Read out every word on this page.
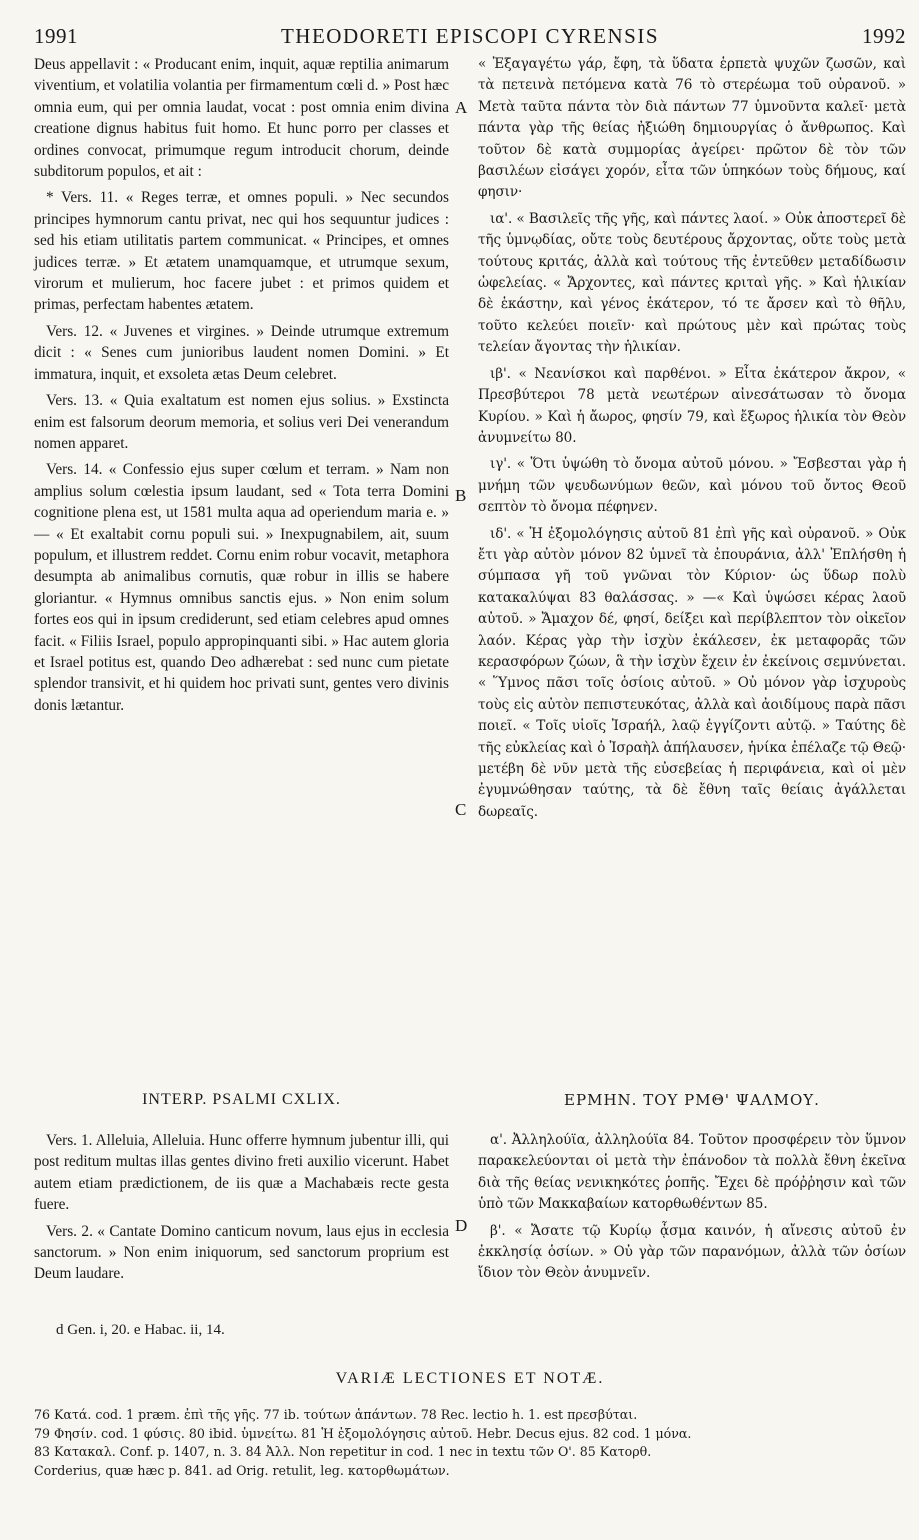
1991	THEODORETI EPISCOPI CYRENSIS	1992

Deus appellavit : « Producant enim, inquit, aquæ reptilia animarum viventium, et volatilia volantia per firmamentum cœli d. » Post hæc omnia eum, qui per omnia laudat, vocat : post omnia enim divina creatione dignus habitus fuit homo. Et hunc porro per classes et ordines convocat, primumque regum introducit chorum, deinde subditorum populos, et ait :

* Vers. 11. « Reges terræ, et omnes populi. » Nec secundos principes hymnorum cantu privat, nec qui hos sequuntur judices : sed his etiam utilitatis partem communicat. « Principes, et omnes judices terræ. » Et ætatem unamquamque, et utrumque sexum, virorum et mulierum, hoc facere jubet : et primos quidem et primas, perfectam habentes ætatem.

Vers. 12. « Juvenes et virgines. » Deinde utrumque extremum dicit : « Senes cum junioribus laudent nomen Domini. » Et immatura, inquit, et exsoleta ætas Deum celebret.

Vers. 13. « Quia exaltatum est nomen ejus solius. » Exstincta enim est falsorum deorum memoria, et solius veri Dei venerandum nomen apparet.

Vers. 14. « Confessio ejus super cœlum et terram. » Nam non amplius solum cœlestia ipsum laudant, sed « Tota terra Domini cognitione plena est, ut 1581 multa aqua ad operiendum maria e. » — « Et exaltabit cornu populi sui. » Inexpugnabilem, ait, suum populum, et illustrem reddet. Cornu enim robur vocavit, metaphora desumpta ab animalibus cornutis, quæ robur in illis se habere gloriantur. « Hymnus omnibus sanctis ejus. » Non enim solum fortes eos qui in ipsum crediderunt, sed etiam celebres apud omnes facit. « Filiis Israel, populo appropinquanti sibi. » Hac autem gloria et Israel potitus est, quando Deo adhærebat : sed nunc cum pietate splendor transivit, et hi quidem hoc privati sunt, gentes vero divinis donis lætantur.

A
B
C
D

« Ἐξαγαγέτω γάρ, ἔφη, τὰ ὕδατα ἑρπετὰ ψυχῶν ζωσῶν, καὶ τὰ πετεινὰ πετόμενα κατὰ 76 τὸ στερέωμα τοῦ οὐρανοῦ. » Μετὰ ταῦτα πάντα τὸν διὰ πάντων 77 ὑμνοῦντα καλεῖ· μετὰ πάντα γὰρ τῆς θείας ἠξιώθη δημιουργίας ὁ ἄνθρωπος. Καὶ τοῦτον δὲ κατὰ συμμορίας ἀγείρει· πρῶτον δὲ τὸν τῶν βασιλέων εἰσάγει χορόν, εἶτα τῶν ὑπηκόων τοὺς δήμους, καί φησιν·

ια'. « Βασιλεῖς τῆς γῆς, καὶ πάντες λαοί. » Οὐκ ἀποστερεῖ δὲ τῆς ὑμνῳδίας, οὔτε τοὺς δευτέρους ἄρχοντας, οὔτε τοὺς μετὰ τούτους κριτάς, ἀλλὰ καὶ τούτους τῆς ἐντεῦθεν μεταδίδωσιν ὠφελείας. « Ἄρχοντες, καὶ πάντες κριταὶ γῆς. » Καὶ ἡλικίαν δὲ ἑκάστην, καὶ γένος ἑκάτερον, τό τε ἄρσεν καὶ τὸ θῆλυ, τοῦτο κελεύει ποιεῖν· καὶ πρώτους μὲν καὶ πρώτας τοὺς τελείαν ἄγοντας τὴν ἡλικίαν.

ιβ'. « Νεανίσκοι καὶ παρθένοι. » Εἶτα ἑκάτερον ἄκρον, « Πρεσβύτεροι 78 μετὰ νεωτέρων αἰνεσάτωσαν τὸ ὄνομα Κυρίου. » Καὶ ἡ ἄωρος, φησίν 79, καὶ ἔξωρος ἡλικία τὸν Θεὸν ἀνυμνείτω 80.

ιγ'. « Ὅτι ὑψώθη τὸ ὄνομα αὐτοῦ μόνου. » Ἔσβεσται γὰρ ἡ μνήμη τῶν ψευδωνύμων θεῶν, καὶ μόνου τοῦ ὄντος Θεοῦ σεπτὸν τὸ ὄνομα πέφηνεν.

ιδ'. « Ἡ ἐξομολόγησις αὐτοῦ 81 ἐπὶ γῆς καὶ οὐρανοῦ. » Οὐκ ἔτι γὰρ αὐτὸν μόνον 82 ὑμνεῖ τὰ ἐπουράνια, ἀλλ' Ἐπλήσθη ἡ σύμπασα γῆ τοῦ γνῶναι τὸν Κύριον· ὡς ὕδωρ πολὺ κατακαλύψαι 83 θαλάσσας. » —« Καὶ ὑψώσει κέρας λαοῦ αὐτοῦ. » Ἄμαχον δέ, φησί, δείξει καὶ περίβλεπτον τὸν οἰκεῖον λαόν. Κέρας γὰρ τὴν ἰσχὺν ἐκάλεσεν, ἐκ μεταφορᾶς τῶν κερασφόρων ζώων, ἃ τὴν ἰσχὺν ἔχειν ἐν ἐκείνοις σεμνύνεται. « Ὕμνος πᾶσι τοῖς ὁσίοις αὐτοῦ. » Οὐ μόνον γὰρ ἰσχυροὺς τοὺς εἰς αὐτὸν πεπιστευκότας, ἀλλὰ καὶ ἀοιδίμους παρὰ πᾶσι ποιεῖ. « Τοῖς υἱοῖς Ἰσραήλ, λαῷ ἐγγίζοντι αὐτῷ. » Ταύτης δὲ τῆς εὐκλείας καὶ ὁ Ἰσραὴλ ἀπήλαυσεν, ἡνίκα ἐπέλαζε τῷ Θεῷ· μετέβη δὲ νῦν μετὰ τῆς εὐσεβείας ἡ περιφάνεια, καὶ οἱ μὲν ἐγυμνώθησαν ταύτης, τὰ δὲ ἔθνη ταῖς θείαις ἀγάλλεται δωρεαῖς.

INTERP. PSALMI CXLIX.	ΕΡΜΗΝ. ΤΟΥ ΡΜΘ' ΨΑΛΜΟΥ.

Vers. 1. Alleluia, Alleluia. Hunc offerre hymnum jubentur illi, qui post reditum multas illas gentes divino freti auxilio vicerunt. Habet autem etiam prædictionem, de iis quæ a Machabæis recte gesta fuere.

Vers. 2. « Cantate Domino canticum novum, laus ejus in ecclesia sanctorum. » Non enim iniquorum, sed sanctorum proprium est Deum laudare.

α'. Ἀλληλούϊα, ἀλληλούϊα 84. Τοῦτον προσφέρειν τὸν ὕμνον παρακελεύονται οἱ μετὰ τὴν ἐπάνοδον τὰ πολλὰ ἔθνη ἐκεῖνα διὰ τῆς θείας νενικηκότες ῥοπῆς. Ἔχει δὲ πρόῤῥησιν καὶ τῶν ὑπὸ τῶν Μακκαβαίων κατορθωθέντων 85.

β'. « Ἄσατε τῷ Κυρίῳ ᾆσμα καινόν, ἡ αἴνεσις αὐτοῦ ἐν ἐκκλησίᾳ ὁσίων. » Οὐ γὰρ τῶν παρανόμων, ἀλλὰ τῶν ὁσίων ἴδιον τὸν Θεὸν ἀνυμνεῖν.

d Gen. i, 20. e Habac. ii, 14.
VARIÆ LECTIONES ET NOTÆ.

76 Κατά. cod. 1 præm. ἐπὶ τῆς γῆς. 77 ib. τούτων ἁπάντων. 78 Rec. lectio h. 1. est πρεσβύται.

79 Φησίν. cod. 1 φύσις. 80 ibid. ὑμνείτω. 81 Ἡ ἐξομολόγησις αὐτοῦ. Hebr. Decus ejus. 82 cod. 1 μόνα.

83 Κατακαλ. Conf. p. 1407, n. 3. 84 Ἀλλ. Non repetitur in cod. 1 nec in textu τῶν Ο'. 85 Κατορθ.

Corderius, quæ hæc p. 841. ad Orig. retulit, leg. κατορθωμάτων.
